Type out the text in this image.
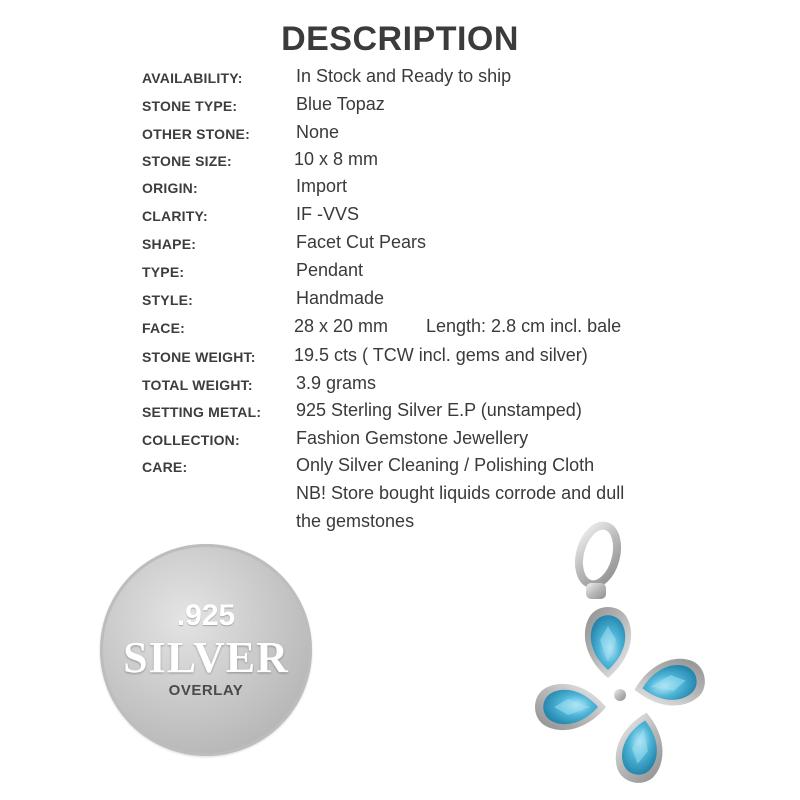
DESCRIPTION
AVAILABILITY:	In Stock and Ready to ship
STONE TYPE:	Blue Topaz
OTHER STONE:	None
STONE SIZE:	10 x 8 mm
ORIGIN:	Import
CLARITY:	IF -VVS
SHAPE:	Facet Cut Pears
TYPE:	Pendant
STYLE:	Handmade
FACE:	28 x 20 mm Length: 2.8 cm incl. bale
STONE WEIGHT: 19.5 cts ( TCW incl. gems and silver)
TOTAL WEIGHT: 3.9 grams
SETTING METAL: 925 Sterling Silver E.P (unstamped)
COLLECTION:	Fashion Gemstone Jewellery
CARE:	Only Silver Cleaning / Polishing Cloth
NB! Store bought liquids corrode and dull
the gemstones
.925
SILVER
OVERLAY
